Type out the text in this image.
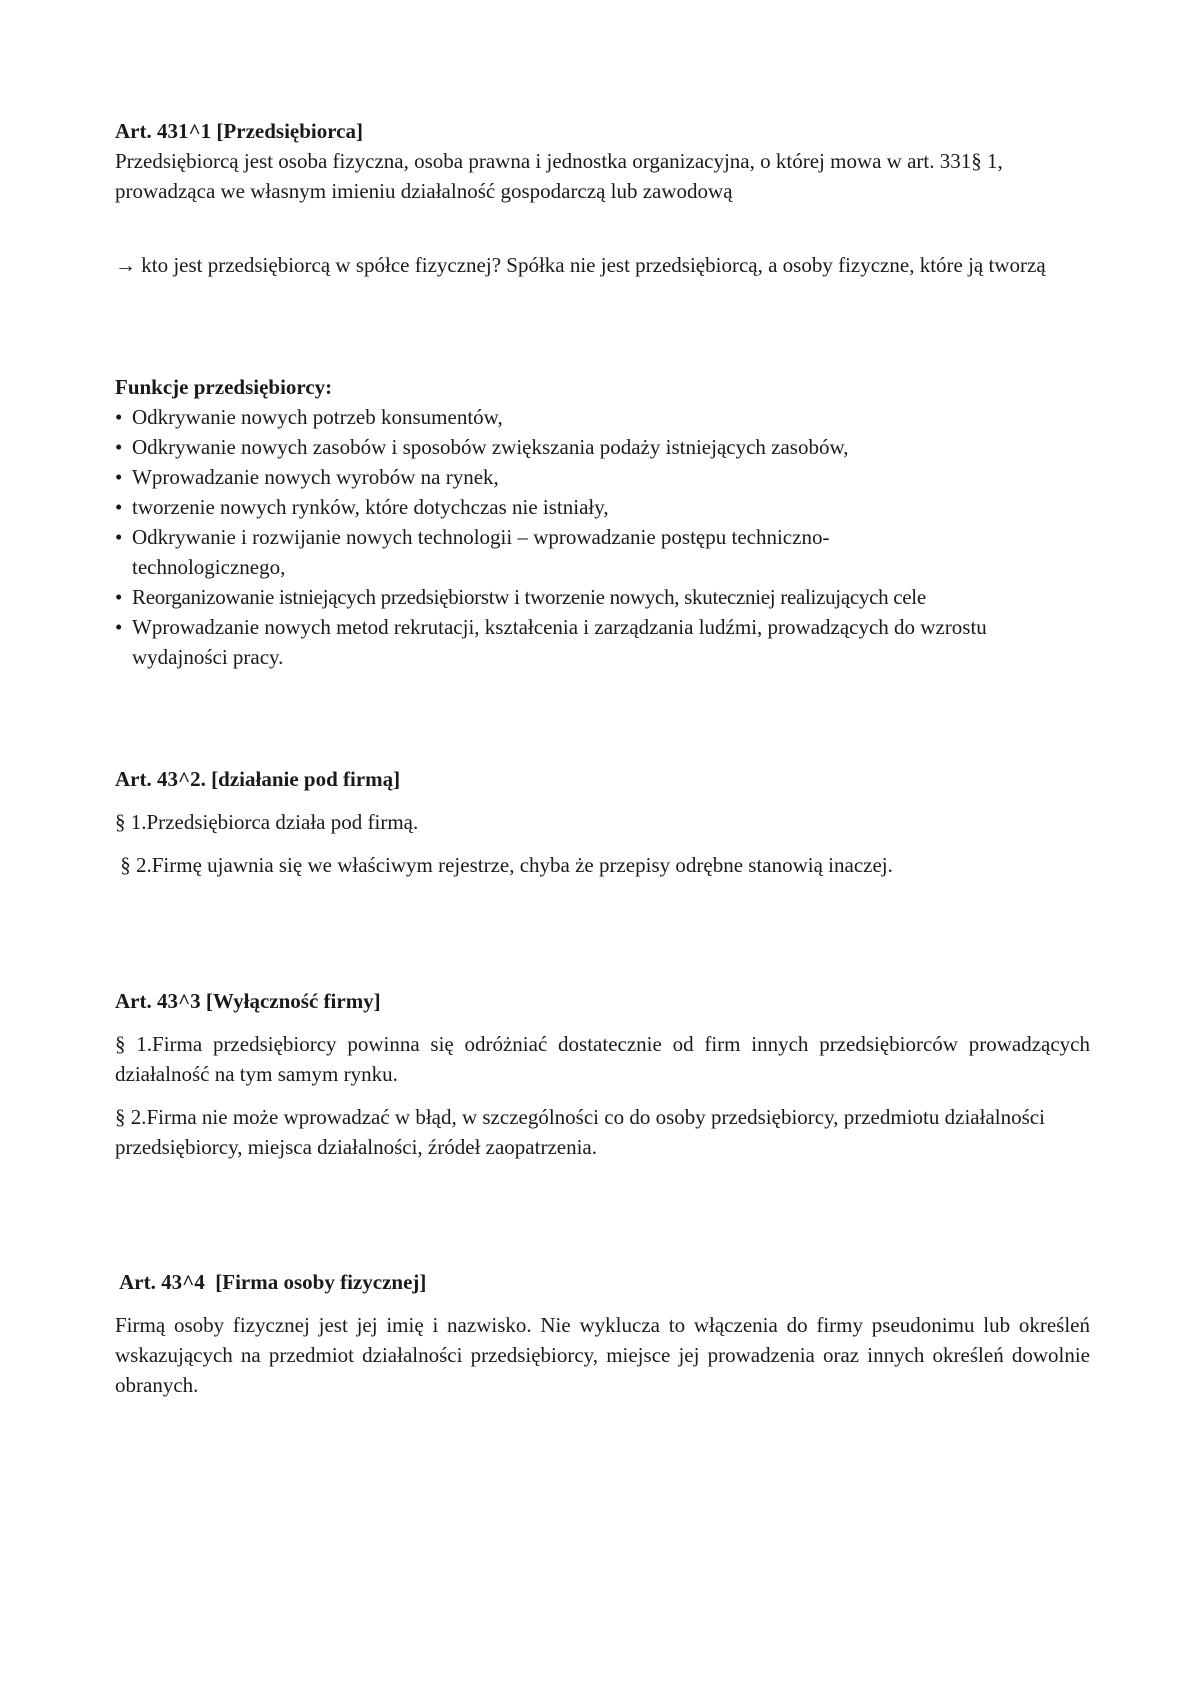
Art. 431^1 [Przedsiębiorca]

Przedsiębiorcą jest osoba fizyczna, osoba prawna i jednostka organizacyjna, o której mowa w art. 331§ 1, prowadząca we własnym imieniu działalność gospodarczą lub zawodową

→ kto jest przedsiębiorcą w spółce fizycznej? Spółka nie jest przedsiębiorcą, a osoby fizyczne, które ją tworzą

Funkcje przedsiębiorcy:

• Odkrywanie nowych potrzeb konsumentów,
• Odkrywanie nowych zasobów i sposobów zwiększania podaży istniejących zasobów,
• Wprowadzanie nowych wyrobów na rynek,
• tworzenie nowych rynków, które dotychczas nie istniały,
• Odkrywanie i rozwijanie nowych technologii – wprowadzanie postępu techniczno-technologicznego,
• Reorganizowanie istniejących przedsiębiorstw i tworzenie nowych, skuteczniej realizujących cele
• Wprowadzanie nowych metod rekrutacji, kształcenia i zarządzania ludźmi, prowadzących do wzrostu wydajności pracy.

Art. 43^2. [działanie pod firmą]

§ 1.Przedsiębiorca działa pod firmą.

§ 2.Firmę ujawnia się we właściwym rejestrze, chyba że przepisy odrębne stanowią inaczej.

Art. 43^3 [Wyłączność firmy]

§ 1.Firma przedsiębiorcy powinna się odróżniać dostatecznie od firm innych przedsiębiorców prowadzących działalność na tym samym rynku.

§ 2.Firma nie może wprowadzać w błąd, w szczególności co do osoby przedsiębiorcy, przedmiotu działalności przedsiębiorcy, miejsca działalności, źródeł zaopatrzenia.

Art. 43^4  [Firma osoby fizycznej]

Firmą osoby fizycznej jest jej imię i nazwisko. Nie wyklucza to włączenia do firmy pseudonimu lub określeń wskazujących na przedmiot działalności przedsiębiorcy, miejsce jej prowadzenia oraz innych określeń dowolnie obranych.
